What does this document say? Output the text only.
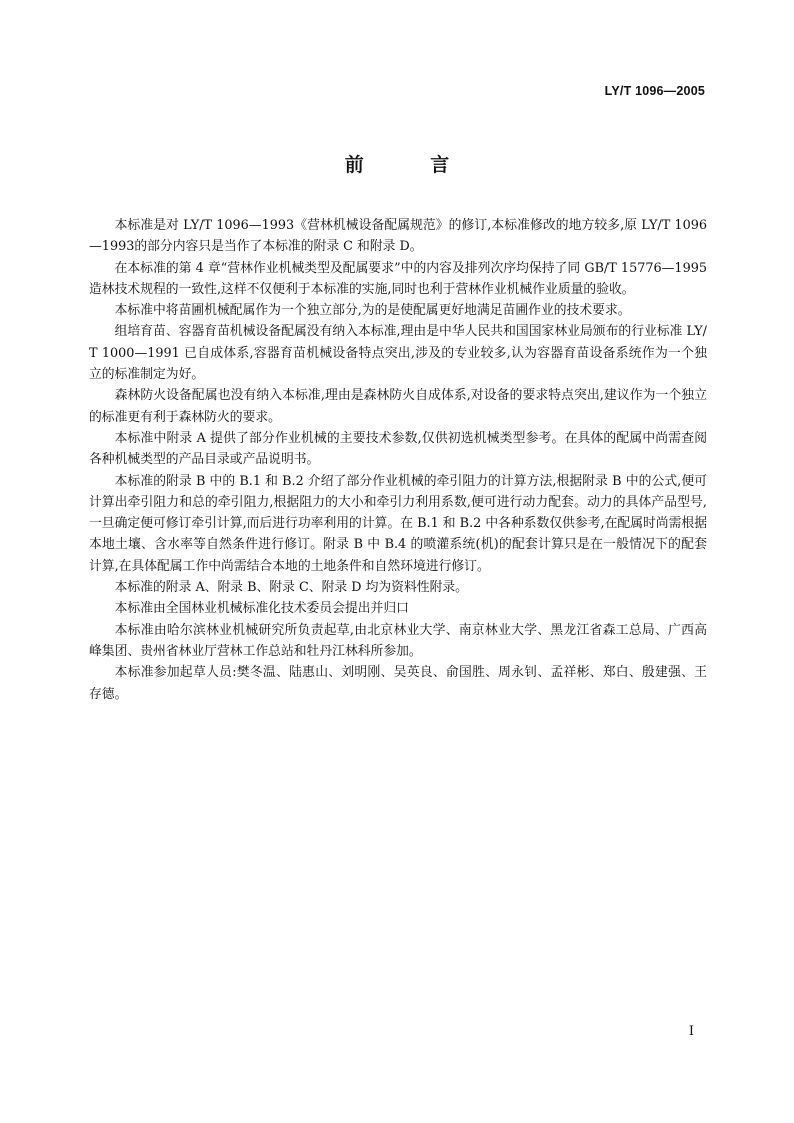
LY/T 1096—2005
前 言

本标准是对 LY/T 1096—1993《营林机械设备配属规范》的修订,本标准修改的地方较多,原 LY/T 1096—1993的部分内容只是当作了本标准的附录 C 和附录 D。

在本标准的第 4 章“营林作业机械类型及配属要求”中的内容及排列次序均保持了同 GB/T 15776—1995造林技术规程的一致性,这样不仅便利于本标准的实施,同时也利于营林作业机械作业质量的验收。

本标准中将苗圃机械配属作为一个独立部分,为的是使配属更好地满足苗圃作业的技术要求。

组培育苗、容器育苗机械设备配属没有纳入本标准,理由是中华人民共和国国家林业局颁布的行业标准 LY/T 1000—1991 已自成体系,容器育苗机械设备特点突出,涉及的专业较多,认为容器育苗设备系统作为一个独立的标准制定为好。

森林防火设备配属也没有纳入本标准,理由是森林防火自成体系,对设备的要求特点突出,建议作为一个独立的标准更有利于森林防火的要求。

本标准中附录 A 提供了部分作业机械的主要技术参数,仅供初选机械类型参考。在具体的配属中尚需查阅各种机械类型的产品目录或产品说明书。

本标准的附录 B 中的 B.1 和 B.2 介绍了部分作业机械的牵引阻力的计算方法,根据附录 B 中的公式,便可计算出牵引阻力和总的牵引阻力,根据阻力的大小和牵引力利用系数,便可进行动力配套。动力的具体产品型号,一旦确定便可修订牵引计算,而后进行功率利用的计算。在 B.1 和 B.2 中各种系数仅供参考,在配属时尚需根据本地土壤、含水率等自然条件进行修订。附录 B 中 B.4 的喷灌系统(机)的配套计算只是在一般情况下的配套计算,在具体配属工作中尚需结合本地的土地条件和自然环境进行修订。

本标准的附录 A、附录 B、附录 C、附录 D 均为资料性附录。

本标准由全国林业机械标准化技术委员会提出并归口

本标准由哈尔滨林业机械研究所负责起草,由北京林业大学、南京林业大学、黑龙江省森工总局、广西高峰集团、贵州省林业厅营林工作总站和牡丹江林科所参加。

本标准参加起草人员:樊冬温、陆惠山、刘明刚、吴英良、俞国胜、周永钊、孟祥彬、郑白、殷建强、王存德。

I
